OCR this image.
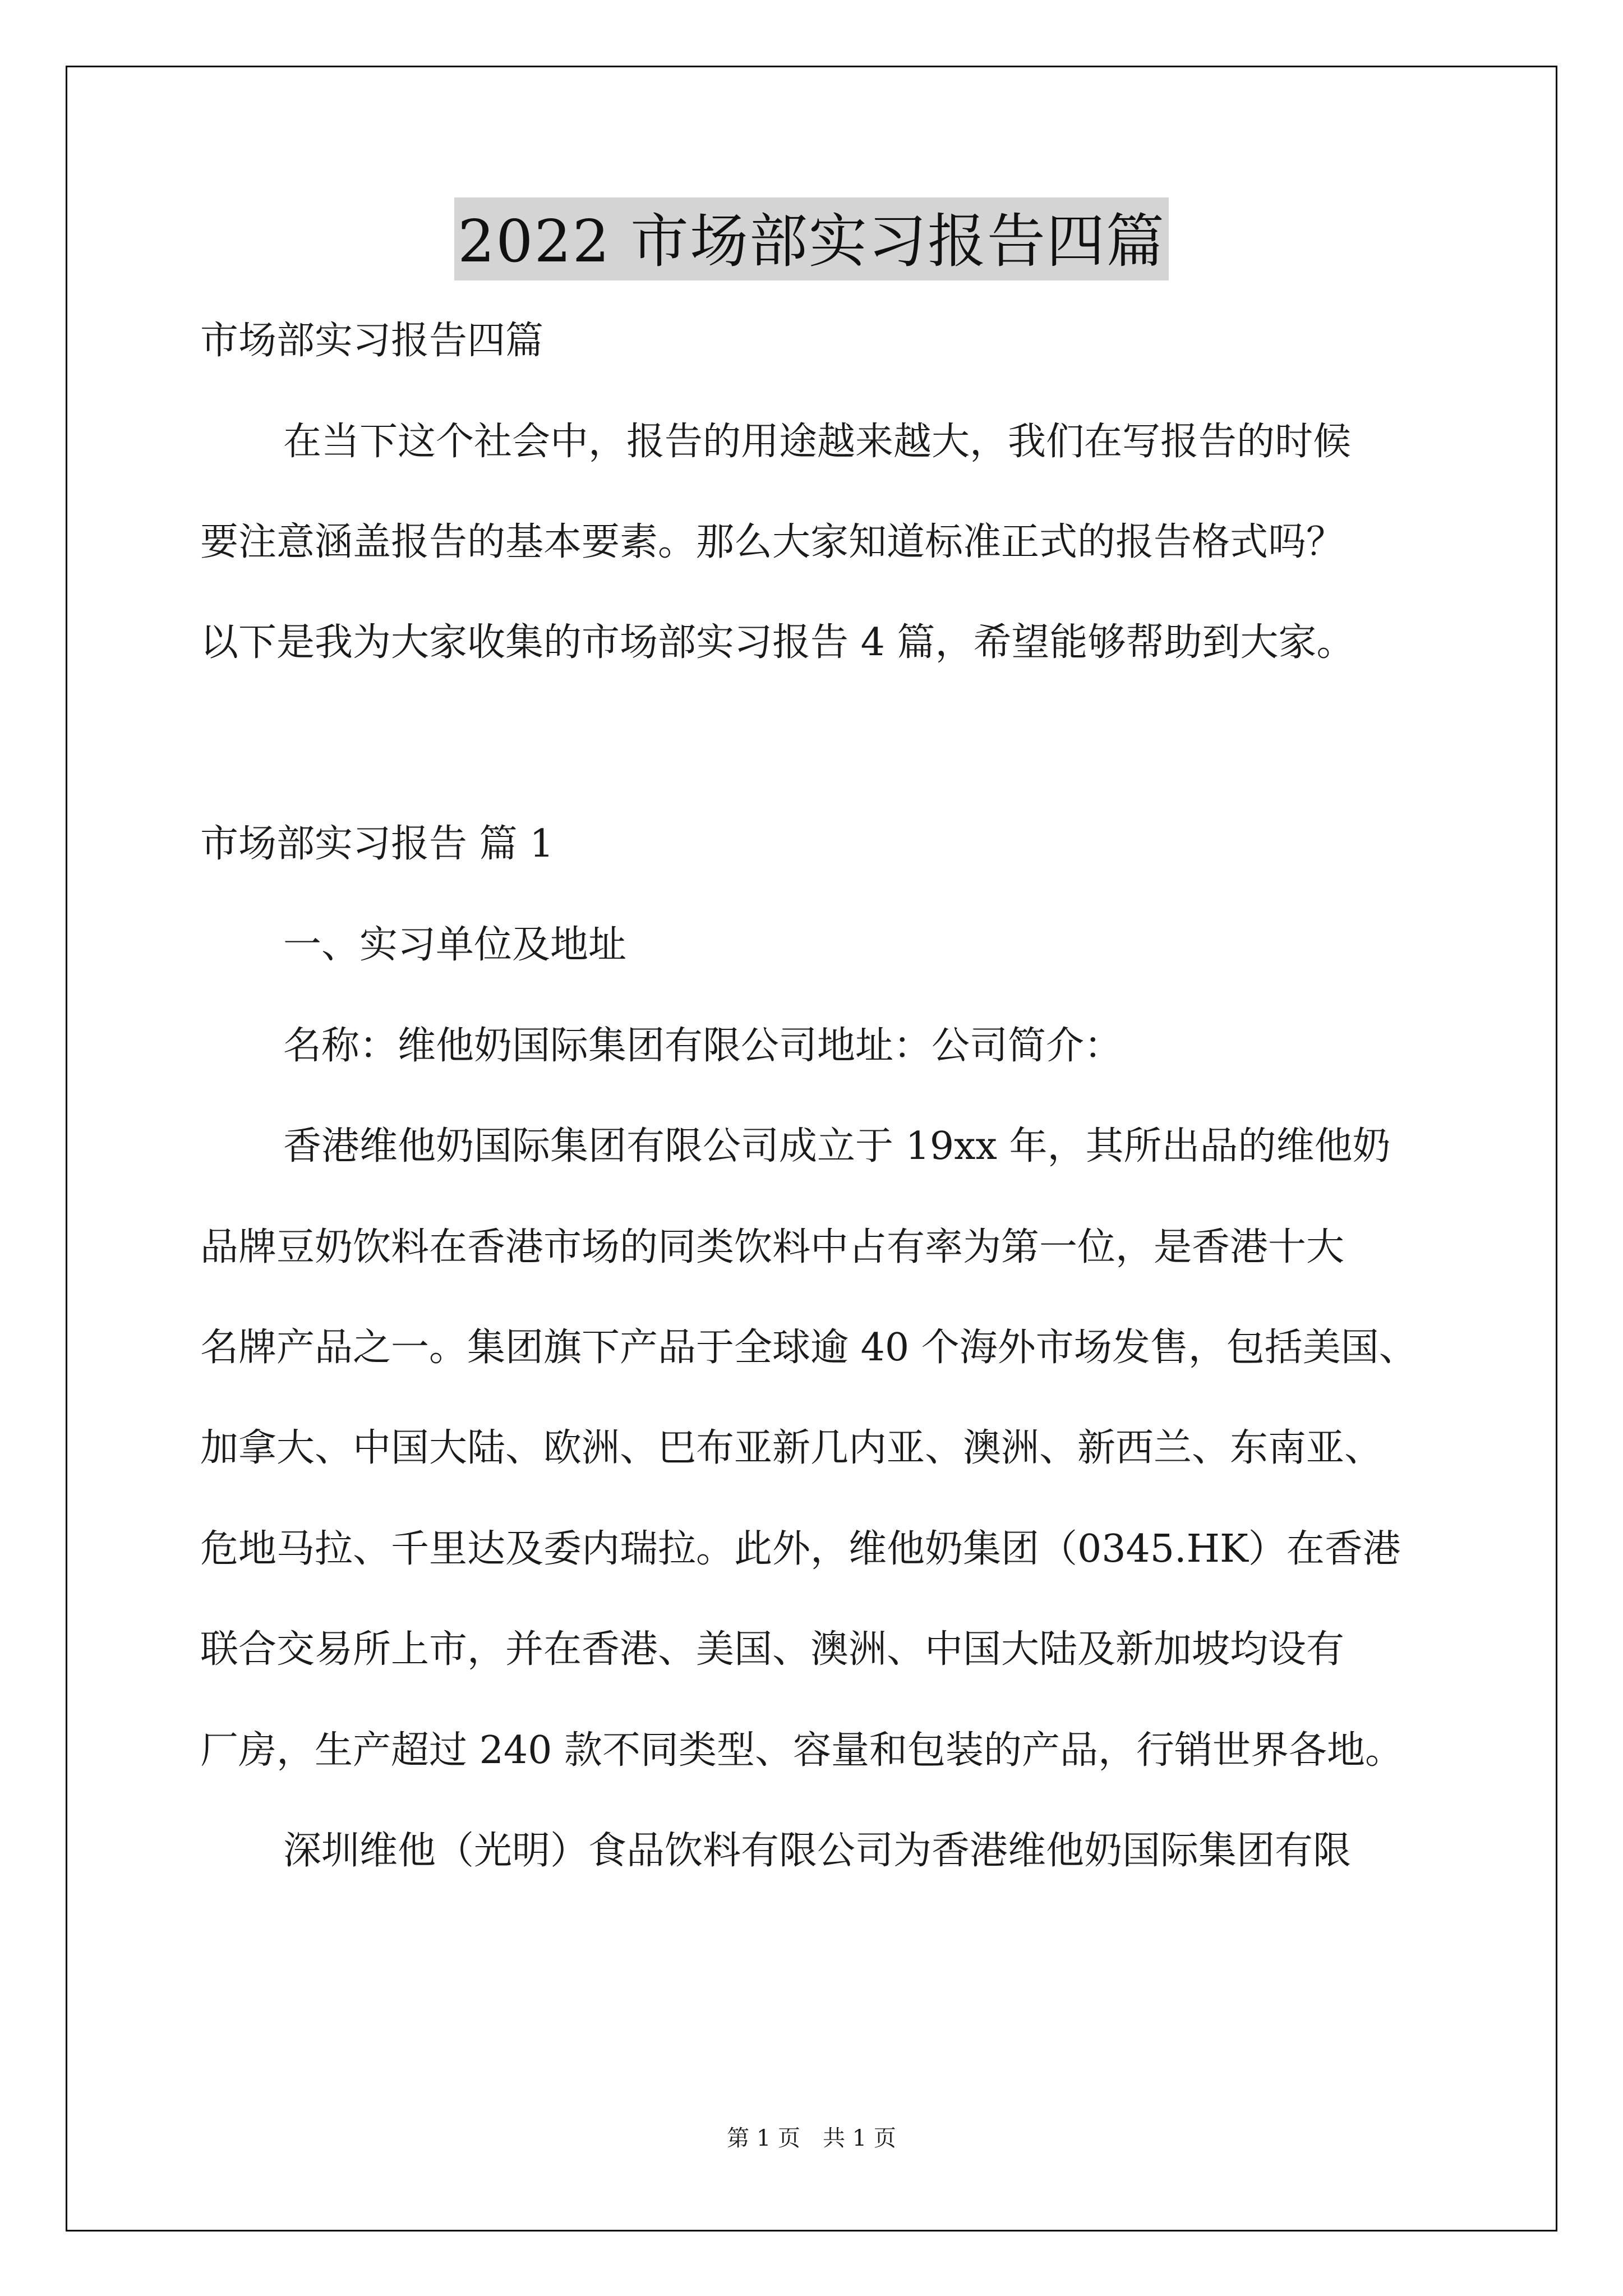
2022 市场部实习报告四篇

市场部实习报告四篇

在当下这个社会中，报告的用途越来越大，我们在写报告的时候

要注意涵盖报告的基本要素。那么大家知道标准正式的报告格式吗？

以下是我为大家收集的市场部实习报告 4 篇，希望能够帮助到大家。

市场部实习报告 篇 1

一、实习单位及地址

名称：维他奶国际集团有限公司地址：公司简介：

香港维他奶国际集团有限公司成立于 19xx 年，其所出品的维他奶

品牌豆奶饮料在香港市场的同类饮料中占有率为第一位，是香港十大

名牌产品之一。集团旗下产品于全球逾 40 个海外市场发售，包括美国、

加拿大、中国大陆、欧洲、巴布亚新几内亚、澳洲、新西兰、东南亚、

危地马拉、千里达及委内瑞拉。此外，维他奶集团（0345.HK）在香港

联合交易所上市，并在香港、美国、澳洲、中国大陆及新加坡均设有

厂房，生产超过 240 款不同类型、容量和包装的产品，行销世界各地。

深圳维他（光明）食品饮料有限公司为香港维他奶国际集团有限

第 1 页　共 1 页
